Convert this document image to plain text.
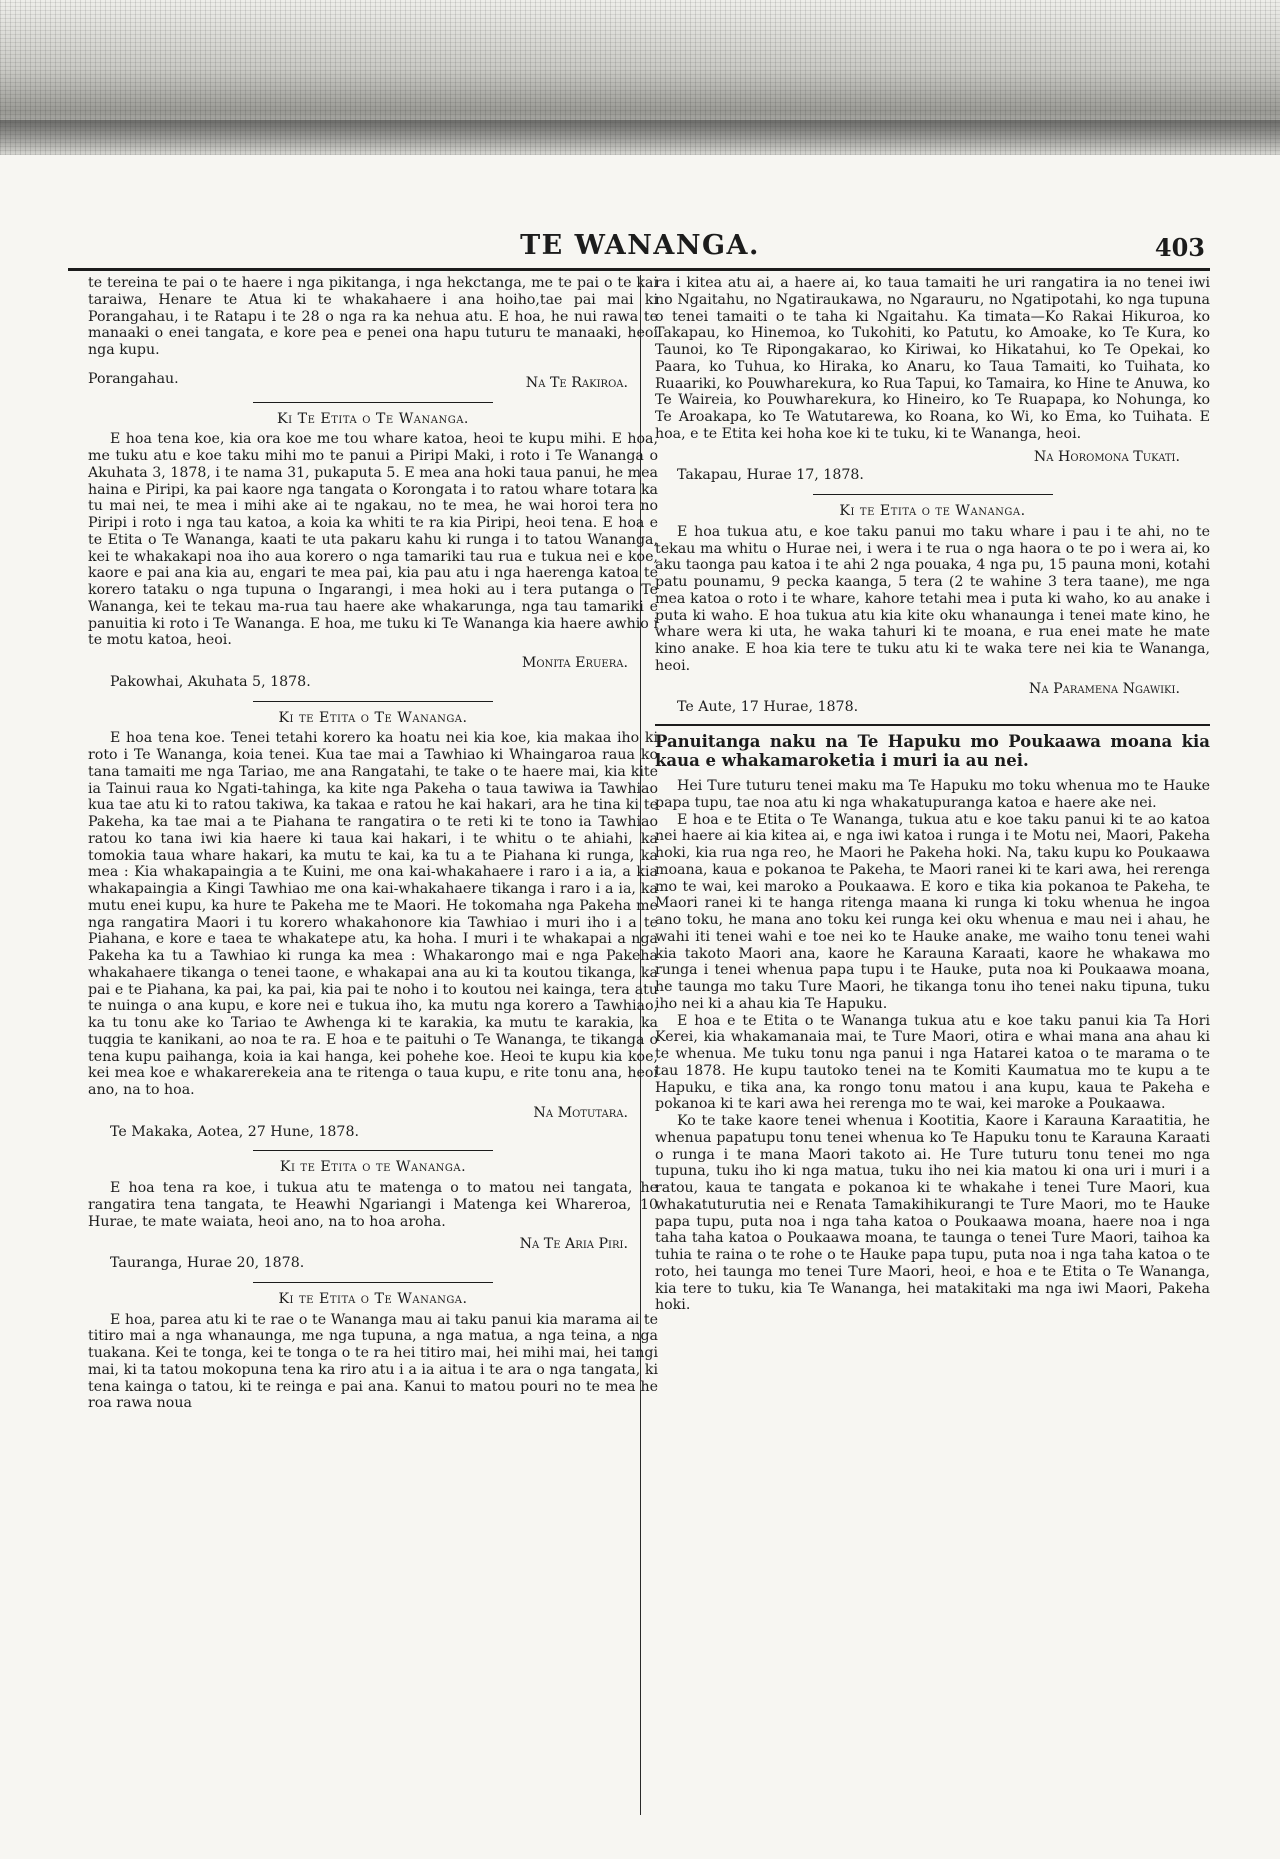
TE WANANGA.	403

te tereina te pai o te haere i nga pikitanga, i nga hekctanga, me te pai o te kai taraiwa, Henare te Atua ki te whakahaere i ana hoiho,tae pai mai ki Porangahau, i te Ratapu i te 28 o nga ra ka nehua atu. E hoa, he nui rawa te manaaki o enei tangata, e kore pea e penei ona hapu tuturu te manaaki, heoi nga kupu.

Porangahau.	Na Te Rakiroa.
Ki Te Etita o Te Wananga.

E hoa tena koe, kia ora koe me tou whare katoa, heoi te kupu mihi. E hoa, me tuku atu e koe taku mihi mo te panui a Piripi Maki, i roto i Te Wananga o Akuhata 3, 1878, i te nama 31, pukaputa 5. E mea ana hoki taua panui, he mea haina e Piripi, ka pai kaore nga tangata o Korongata i to ratou whare totara ka tu mai nei, te mea i mihi ake ai te ngakau, no te mea, he wai horoi tera no Piripi i roto i nga tau katoa, a koia ka whiti te ra kia Piripi, heoi tena. E hoa e te Etita o Te Wananga, kaati te uta pakaru kahu ki runga i to tatou Wananga, kei te whakakapi noa iho aua korero o nga tamariki tau rua e tukua nei e koe, kaore e pai ana kia au, engari te mea pai, kia pau atu i nga haerenga katoa te korero tataku o nga tupuna o Ingarangi, i mea hoki au i tera putanga o Te Wananga, kei te tekau ma-rua tau haere ake whakarunga, nga tau tamariki e panuitia ki roto i Te Wananga. E hoa, me tuku ki Te Wananga kia haere awhio i te motu katoa, heoi.

Monita Eruera.
Pakowhai, Akuhata 5, 1878.
Ki te Etita o Te Wananga.

E hoa tena koe. Tenei tetahi korero ka hoatu nei kia koe, kia makaa iho ki roto i Te Wananga, koia tenei. Kua tae mai a Tawhiao ki Whaingaroa raua ko tana tamaiti me nga Tariao, me ana Rangatahi, te take o te haere mai, kia kite ia Tainui raua ko Ngati-tahinga, ka kite nga Pakeha o taua tawiwa ia Tawhiao kua tae atu ki to ratou takiwa, ka takaa e ratou he kai hakari, ara he tina ki te Pakeha, ka tae mai a te Piahana te rangatira o te reti ki te tono ia Tawhiao ratou ko tana iwi kia haere ki taua kai hakari, i te whitu o te ahiahi, ka tomokia taua whare hakari, ka mutu te kai, ka tu a te Piahana ki runga, ka mea : Kia whakapaingia a te Kuini, me ona kai-whakahaere i raro i a ia, a kia whakapaingia a Kingi Tawhiao me ona kai-whakahaere tikanga i raro i a ia, ka mutu enei kupu, ka hure te Pakeha me te Maori. He tokomaha nga Pakeha me nga rangatira Maori i tu korero whakahonore kia Tawhiao i muri iho i a te Piahana, e kore e taea te whakatepe atu, ka hoha. I muri i te whakapai a nga Pakeha ka tu a Tawhiao ki runga ka mea : Whakarongo mai e nga Pakeha whakahaere tikanga o tenei taone, e whakapai ana au ki ta koutou tikanga, ka pai e te Piahana, ka pai, ka pai, kia pai te noho i to koutou nei kainga, tera atu te nuinga o ana kupu, e kore nei e tukua iho, ka mutu nga korero a Tawhiao, ka tu tonu ake ko Tariao te Awhenga ki te karakia, ka mutu te karakia, ka tuqgia te kanikani, ao noa te ra. E hoa e te paituhi o Te Wananga, te tikanga o tena kupu paihanga, koia ia kai hanga, kei pohehe koe. Heoi te kupu kia koe, kei mea koe e whakarerekeia ana te ritenga o taua kupu, e rite tonu ana, heoi ano, na to hoa.

Na Motutara.
Te Makaka, Aotea, 27 Hune, 1878.
Ki te Etita o te Wananga.

E hoa tena ra koe, i tukua atu te matenga o to matou nei tangata, he rangatira tena tangata, te Heawhi Ngariangi i Matenga kei Whareroa, 10 Hurae, te mate waiata, heoi ano, na to hoa aroha.

Na Te Aria Piri.
Tauranga, Hurae 20, 1878.
Ki te Etita o Te Wananga.

E hoa, parea atu ki te rae o te Wananga mau ai taku panui kia marama ai te titiro mai a nga whanaunga, me nga tupuna, a nga matua, a nga teina, a nga tuakana. Kei te tonga, kei te tonga o te ra hei titiro mai, hei mihi mai, hei tangi mai, ki ta tatou mokopuna tena ka riro atu i a ia aitua i te ara o nga tangata, ki tena kainga o tatou, ki te reinga e pai ana. Kanui to matou pouri no te mea he roa rawa noua

ra i kitea atu ai, a haere ai, ko taua tamaiti he uri rangatira ia no tenei iwi no Ngaitahu, no Ngatiraukawa, no Ngarauru, no Ngatipotahi, ko nga tupuna o tenei tamaiti o te taha ki Ngaitahu. Ka timata—Ko Rakai Hikuroa, ko Takapau, ko Hinemoa, ko Tukohiti, ko Patutu, ko Amoake, ko Te Kura, ko Taunoi, ko Te Ripongakarao, ko Kiriwai, ko Hikatahui, ko Te Opekai, ko Paara, ko Tuhua, ko Hiraka, ko Anaru, ko Taua Tamaiti, ko Tuihata, ko Ruaariki, ko Pouwharekura, ko Rua Tapui, ko Tamaira, ko Hine te Anuwa, ko Te Waireia, ko Pouwharekura, ko Hineiro, ko Te Ruapapa, ko Nohunga, ko Te Aroakapa, ko Te Watutarewa, ko Roana, ko Wi, ko Ema, ko Tuihata. E hoa, e te Etita kei hoha koe ki te tuku, ki te Wananga, heoi.

Na Horomona Tukati.
Takapau, Hurae 17, 1878.
Ki te Etita o te Wananga.

E hoa tukua atu, e koe taku panui mo taku whare i pau i te ahi, no te tekau ma whitu o Hurae nei, i wera i te rua o nga haora o te po i wera ai, ko aku taonga pau katoa i te ahi 2 nga pouaka, 4 nga pu, 15 pauna moni, kotahi patu pounamu, 9 pecka kaanga, 5 tera (2 te wahine 3 tera taane), me nga mea katoa o roto i te whare, kahore tetahi mea i puta ki waho, ko au anake i puta ki waho. E hoa tukua atu kia kite oku whanaunga i tenei mate kino, he whare wera ki uta, he waka tahuri ki te moana, e rua enei mate he mate kino anake. E hoa kia tere te tuku atu ki te waka tere nei kia te Wananga, heoi.

Na Paramena Ngawiki.
Te Aute, 17 Hurae, 1878.
Panuitanga naku na Te Hapuku mo Poukaawa moana kia kaua e whakamaroketia i muri ia au nei.

Hei Ture tuturu tenei maku ma Te Hapuku mo toku whenua mo te Hauke papa tupu, tae noa atu ki nga whakatupuranga katoa e haere ake nei.

E hoa e te Etita o Te Wananga, tukua atu e koe taku panui ki te ao katoa nei haere ai kia kitea ai, e nga iwi katoa i runga i te Motu nei, Maori, Pakeha hoki, kia rua nga reo, he Maori he Pakeha hoki. Na, taku kupu ko Poukaawa moana, kaua e pokanoa te Pakeha, te Maori ranei ki te kari awa, hei rerenga mo te wai, kei maroko a Poukaawa. E koro e tika kia pokanoa te Pakeha, te Maori ranei ki te hanga ritenga maana ki runga ki toku whenua he ingoa ano toku, he mana ano toku kei runga kei oku whenua e mau nei i ahau, he wahi iti tenei wahi e toe nei ko te Hauke anake, me waiho tonu tenei wahi kia takoto Maori ana, kaore he Karauna Karaati, kaore he whakawa mo runga i tenei whenua papa tupu i te Hauke, puta noa ki Poukaawa moana, he taunga mo taku Ture Maori, he tikanga tonu iho tenei naku tipuna, tuku iho nei ki a ahau kia Te Hapuku.

E hoa e te Etita o te Wananga tukua atu e koe taku panui kia Ta Hori Kerei, kia whakamanaia mai, te Ture Maori, otira e whai mana ana ahau ki te whenua. Me tuku tonu nga panui i nga Hatarei katoa o te marama o te tau 1878. He kupu tautoko tenei na te Komiti Kaumatua mo te kupu a te Hapuku, e tika ana, ka rongo tonu matou i ana kupu, kaua te Pakeha e pokanoa ki te kari awa hei rerenga mo te wai, kei maroke a Poukaawa.

Ko te take kaore tenei whenua i Kootitia, Kaore i Karauna Karaatitia, he whenua papatupu tonu tenei whenua ko Te Hapuku tonu te Karauna Karaati o runga i te mana Maori takoto ai. He Ture tuturu tonu tenei mo nga tupuna, tuku iho ki nga matua, tuku iho nei kia matou ki ona uri i muri i a ratou, kaua te tangata e pokanoa ki te whakahe i tenei Ture Maori, kua whakatuturutia nei e Renata Tamakihikurangi te Ture Maori, mo te Hauke papa tupu, puta noa i nga taha katoa o Poukaawa moana, haere noa i nga taha taha katoa o Poukaawa moana, te taunga o tenei Ture Maori, taihoa ka tuhia te raina o te rohe o te Hauke papa tupu, puta noa i nga taha katoa o te roto, hei taunga mo tenei Ture Maori, heoi, e hoa e te Etita o Te Wananga, kia tere to tuku, kia Te Wananga, hei matakitaki ma nga iwi Maori, Pakeha hoki.
